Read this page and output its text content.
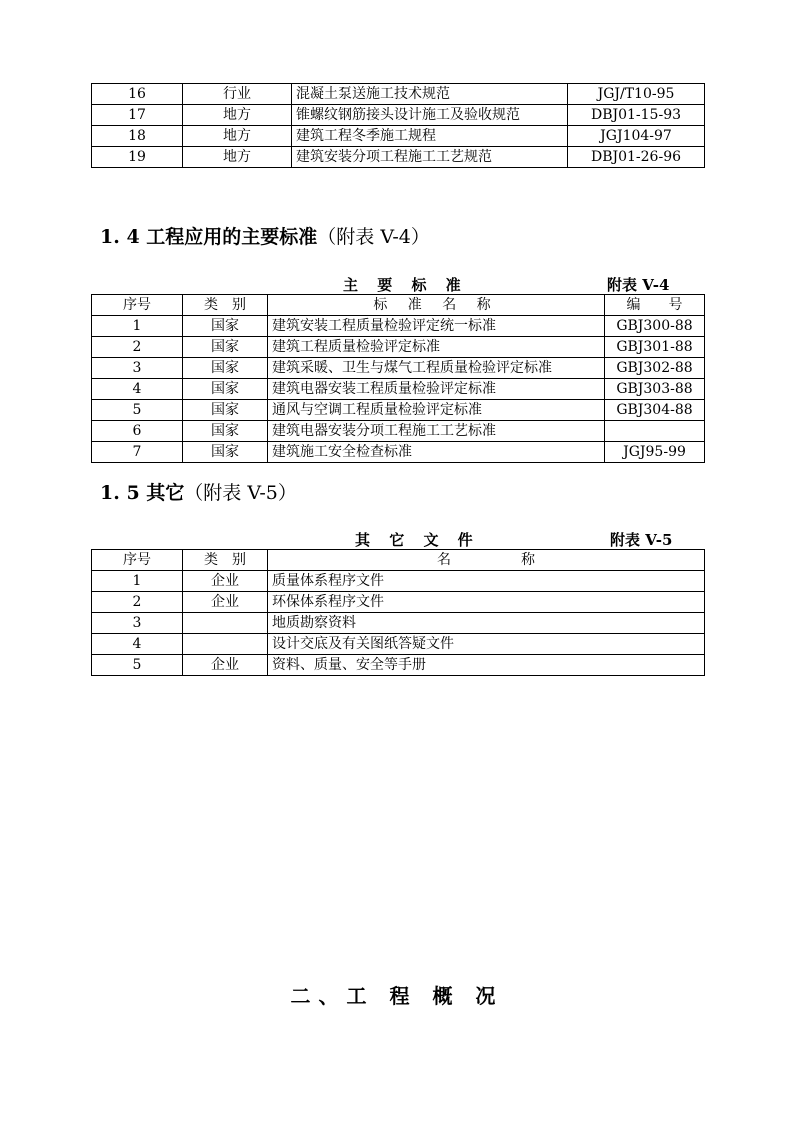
16	行业	混凝土泵送施工技术规范	JGJ/T10-95
17	地方	锥螺纹钢筋接头设计施工及验收规范	DBJ01-15-93
18	地方	建筑工程冬季施工规程	JGJ104-97
19	地方	建筑安装分项工程施工工艺规范	DBJ01-26-96
1. 4 工程应用的主要标准（附表 V-4）
主 要 标 准	附表 V-4
序号	类　别	标 准 名 称	编　　号
1	国家	建筑安装工程质量检验评定统一标准	GBJ300-88
2	国家	建筑工程质量检验评定标准	GBJ301-88
3	国家	建筑采暖、卫生与煤气工程质量检验评定标准	GBJ302-88
4	国家	建筑电器安装工程质量检验评定标准	GBJ303-88
5	国家	通风与空调工程质量检验评定标准	GBJ304-88
6	国家	建筑电器安装分项工程施工工艺标准	
7	国家	建筑施工安全检查标准	JGJ95-99
1. 5 其它（附表 V-5）
其 它 文 件	附表 V-5
序号	类　别	名　　　　　称
1	企业	质量体系程序文件
2	企业	环保体系程序文件
3		地质勘察资料
4		设计交底及有关图纸答疑文件
5	企业	资料、质量、安全等手册
二、工 程 概 况
